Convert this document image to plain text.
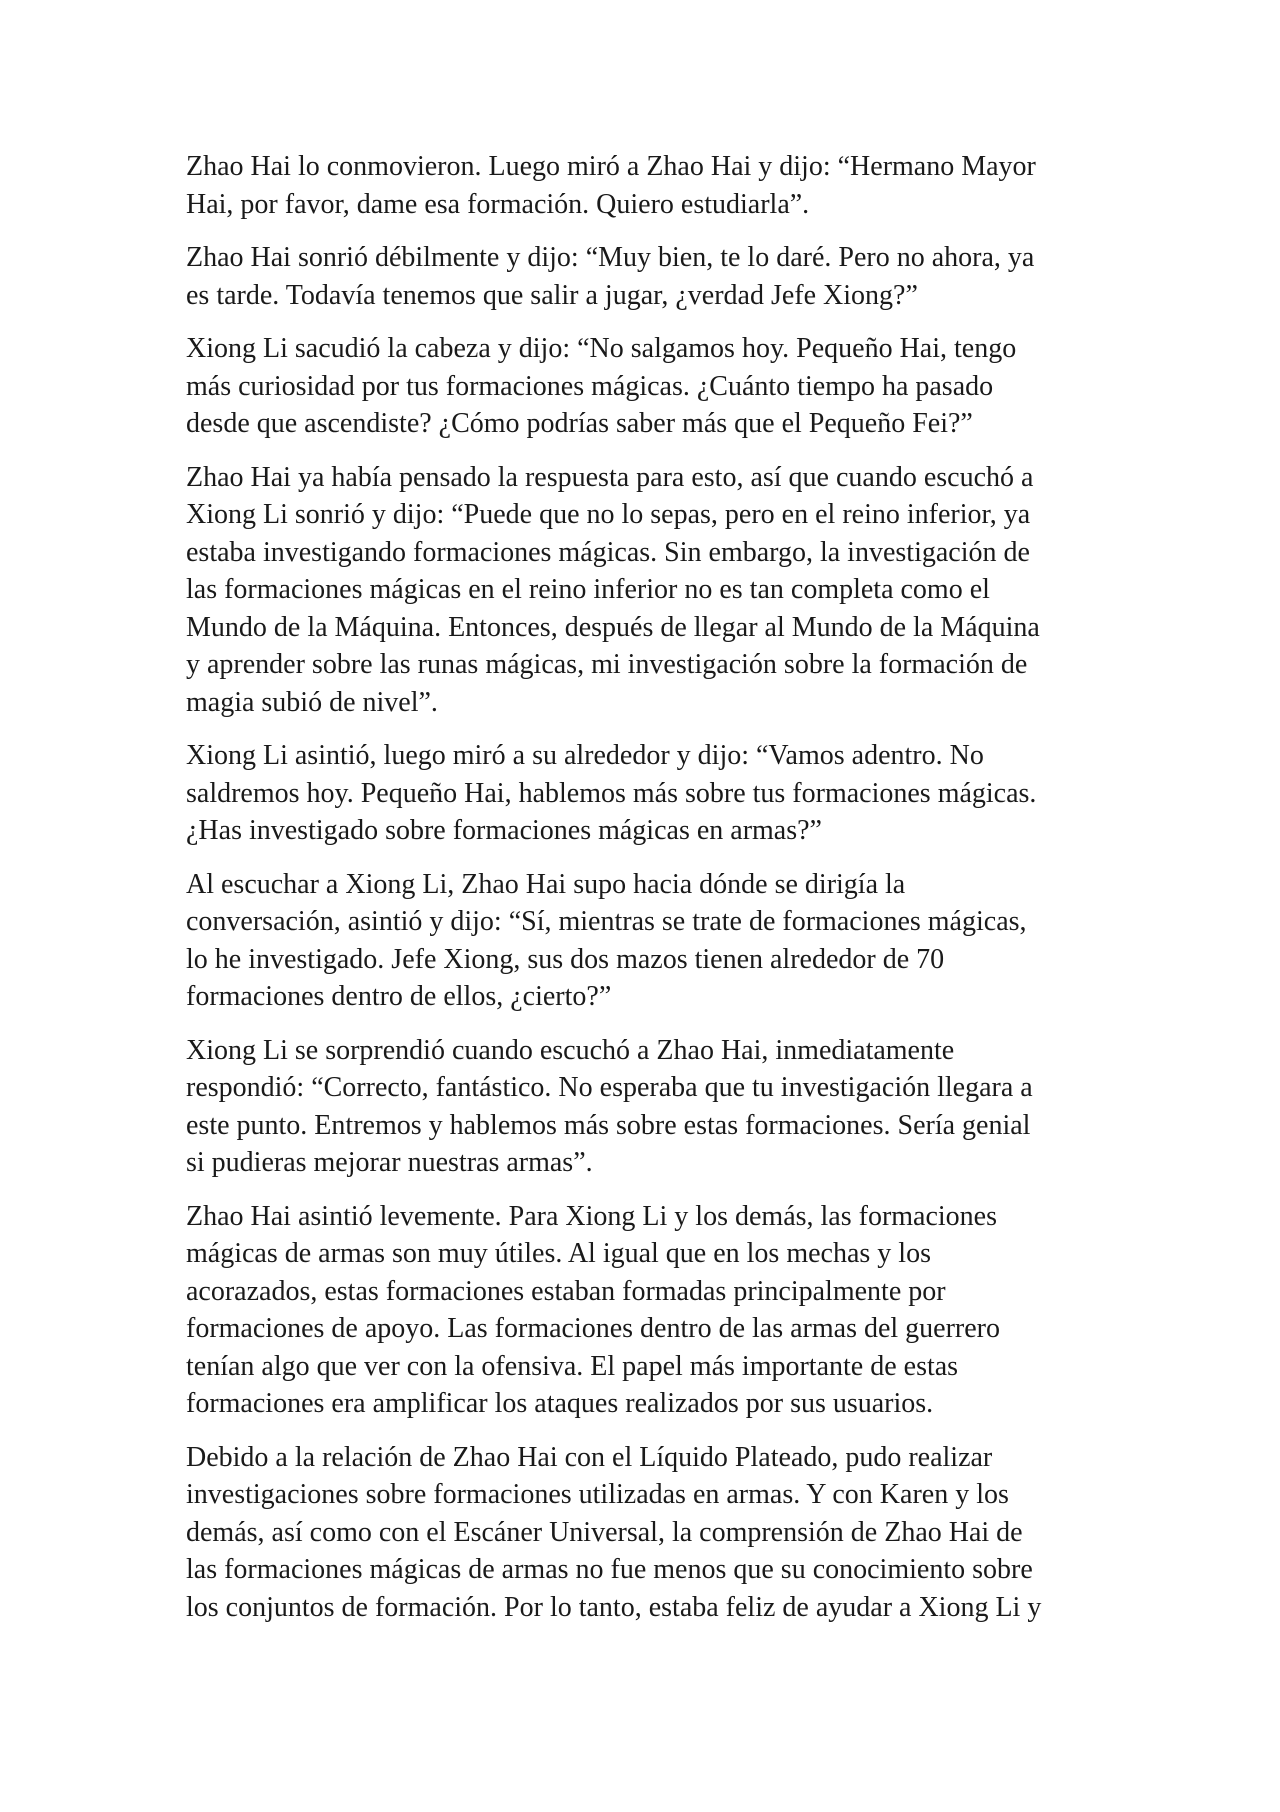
Zhao Hai lo conmovieron. Luego miró a Zhao Hai y dijo: “Hermano Mayor
Hai, por favor, dame esa formación. Quiero estudiarla”.

Zhao Hai sonrió débilmente y dijo: “Muy bien, te lo daré. Pero no ahora, ya
es tarde. Todavía tenemos que salir a jugar, ¿verdad Jefe Xiong?”

Xiong Li sacudió la cabeza y dijo: “No salgamos hoy. Pequeño Hai, tengo
más curiosidad por tus formaciones mágicas. ¿Cuánto tiempo ha pasado
desde que ascendiste? ¿Cómo podrías saber más que el Pequeño Fei?”

Zhao Hai ya había pensado la respuesta para esto, así que cuando escuchó a
Xiong Li sonrió y dijo: “Puede que no lo sepas, pero en el reino inferior, ya
estaba investigando formaciones mágicas. Sin embargo, la investigación de
las formaciones mágicas en el reino inferior no es tan completa como el
Mundo de la Máquina. Entonces, después de llegar al Mundo de la Máquina
y aprender sobre las runas mágicas, mi investigación sobre la formación de
magia subió de nivel”.

Xiong Li asintió, luego miró a su alrededor y dijo: “Vamos adentro. No
saldremos hoy. Pequeño Hai, hablemos más sobre tus formaciones mágicas.
¿Has investigado sobre formaciones mágicas en armas?”

Al escuchar a Xiong Li, Zhao Hai supo hacia dónde se dirigía la
conversación, asintió y dijo: “Sí, mientras se trate de formaciones mágicas,
lo he investigado. Jefe Xiong, sus dos mazos tienen alrededor de 70
formaciones dentro de ellos, ¿cierto?”

Xiong Li se sorprendió cuando escuchó a Zhao Hai, inmediatamente
respondió: “Correcto, fantástico. No esperaba que tu investigación llegara a
este punto. Entremos y hablemos más sobre estas formaciones. Sería genial
si pudieras mejorar nuestras armas”.

Zhao Hai asintió levemente. Para Xiong Li y los demás, las formaciones
mágicas de armas son muy útiles. Al igual que en los mechas y los
acorazados, estas formaciones estaban formadas principalmente por
formaciones de apoyo. Las formaciones dentro de las armas del guerrero
tenían algo que ver con la ofensiva. El papel más importante de estas
formaciones era amplificar los ataques realizados por sus usuarios.

Debido a la relación de Zhao Hai con el Líquido Plateado, pudo realizar
investigaciones sobre formaciones utilizadas en armas. Y con Karen y los
demás, así como con el Escáner Universal, la comprensión de Zhao Hai de
las formaciones mágicas de armas no fue menos que su conocimiento sobre
los conjuntos de formación. Por lo tanto, estaba feliz de ayudar a Xiong Li y
